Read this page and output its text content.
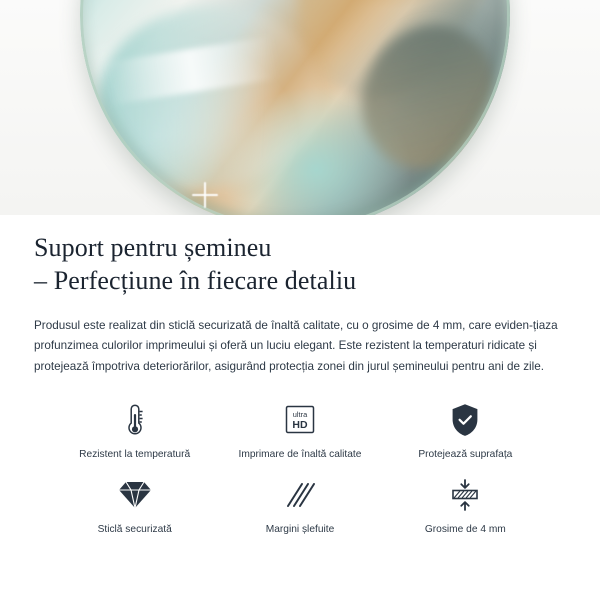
Suport pentru șemineu
– Perfecțiune în fiecare detaliu

Produsul este realizat din sticlă securizată de înaltă calitate, cu o grosime de 4 mm, care eviden-țiaza profunzimea culorilor imprimeului și oferă un luciu elegant. Este rezistent la temperaturi ridicate și protejează împotriva deteriorărilor, asigurând protecția zonei din jurul șemineului pentru ani de zile.

Rezistent la temperatură
ultra
HD
Imprimare de înaltă calitate	Protejează suprafața
Sticlă securizată	Margini șlefuite	Grosime de 4 mm
